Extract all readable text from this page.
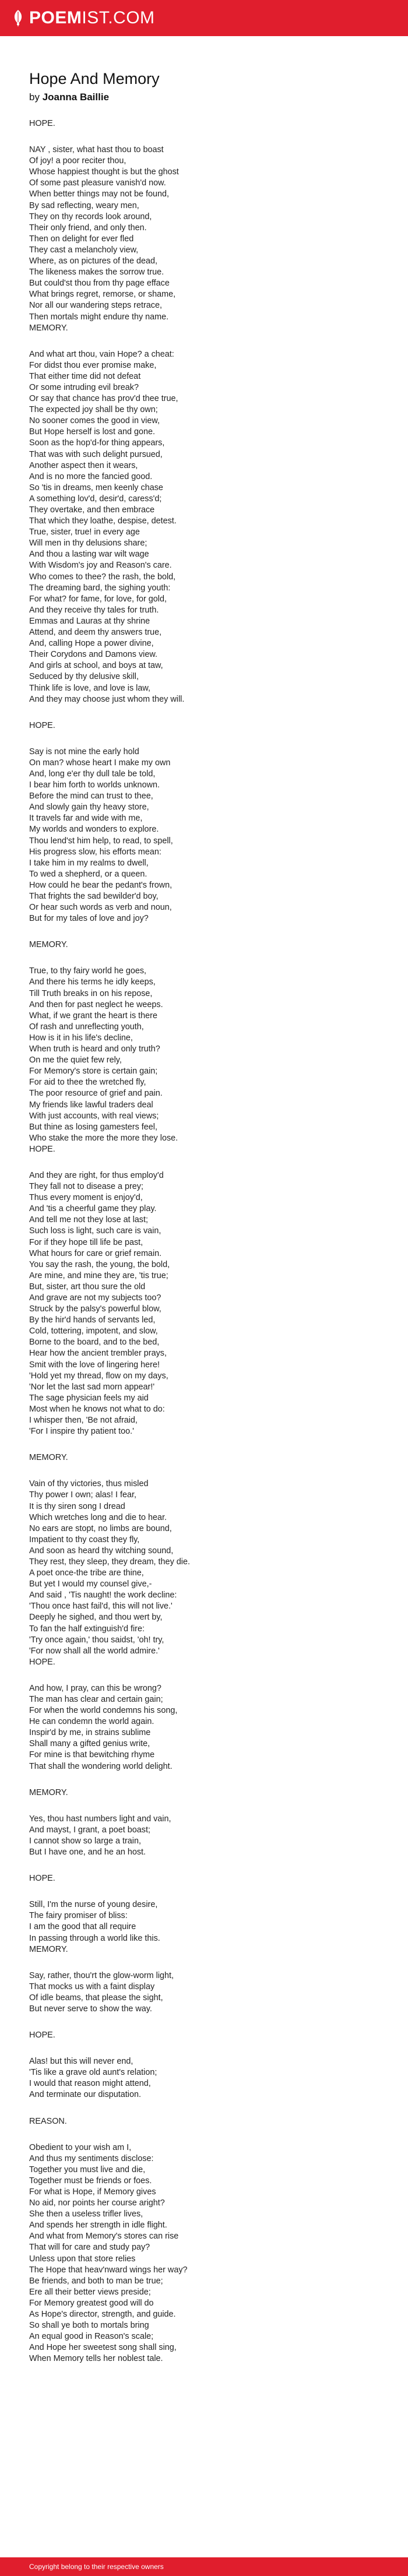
POEM IST.COM
Hope And Memory
by Joanna Baillie
HOPE.
NAY , sister, what hast thou to boast
Of joy! a poor reciter thou,
Whose happiest thought is but the ghost
Of some past pleasure vanish'd now.
When better things may not be found,
By sad reflecting, weary men,
They on thy records look around,
Their only friend, and only then.
Then on delight for ever fled
They cast a melancholy view,
Where, as on pictures of the dead,
The likeness makes the sorrow true.
But could'st thou from thy page efface
What brings regret, remorse, or shame,
Nor all our wandering steps retrace,
Then mortals might endure thy name.
MEMORY.
And what art thou, vain Hope? a cheat:
For didst thou ever promise make,
That either time did not defeat
Or some intruding evil break?
Or say that chance has prov'd thee true,
The expected joy shall be thy own;
No sooner comes the good in view,
But Hope herself is lost and gone.
Soon as the hop'd-for thing appears,
That was with such delight pursued,
Another aspect then it wears,
And is no more the fancied good.
So 'tis in dreams, men keenly chase
A something lov'd, desir'd, caress'd;
They overtake, and then embrace
That which they loathe, despise, detest.
True, sister, true! in every age
Will men in thy delusions share;
And thou a lasting war wilt wage
With Wisdom's joy and Reason's care.
Who comes to thee? the rash, the bold,
The dreaming bard, the sighing youth:
For what? for fame, for love, for gold,
And they receive thy tales for truth.
Emmas and Lauras at thy shrine
Attend, and deem thy answers true,
And, calling Hope a power divine,
Their Corydons and Damons view.
And girls at school, and boys at taw,
Seduced by thy delusive skill,
Think life is love, and love is law,
And they may choose just whom they will.
HOPE.
Say is not mine the early hold
On man? whose heart I make my own
And, long e'er thy dull tale be told,
I bear him forth to worlds unknown.
Before the mind can trust to thee,
And slowly gain thy heavy store,
It travels far and wide with me,
My worlds and wonders to explore.
Thou lend'st him help, to read, to spell,
His progress slow, his efforts mean:
I take him in my realms to dwell,
To wed a shepherd, or a queen.
How could he bear the pedant's frown,
That frights the sad bewilder'd boy,
Or hear such words as verb and noun,
But for my tales of love and joy?
MEMORY.
True, to thy fairy world he goes,
And there his terms he idly keeps,
Till Truth breaks in on his repose,
And then for past neglect he weeps.
What, if we grant the heart is there
Of rash and unreflecting youth,
How is it in his life's decline,
When truth is heard and only truth?
On me the quiet few rely,
For Memory's store is certain gain;
For aid to thee the wretched fly,
The poor resource of grief and pain.
My friends like lawful traders deal
With just accounts, with real views;
But thine as losing gamesters feel,
Who stake the more the more they lose.
HOPE.
And they are right, for thus employ'd
They fall not to disease a prey;
Thus every moment is enjoy'd,
And 'tis a cheerful game they play.
And tell me not they lose at last;
Such loss is light, such care is vain,
For if they hope till life be past,
What hours for care or grief remain.
You say the rash, the young, the bold,
Are mine, and mine they are, 'tis true;
But, sister, art thou sure the old
And grave are not my subjects too?
Struck by the palsy's powerful blow,
By the hir'd hands of servants led,
Cold, tottering, impotent, and slow,
Borne to the board, and to the bed,
Hear how the ancient trembler prays,
Smit with the love of lingering here!
'Hold yet my thread, flow on my days,
'Nor let the last sad morn appear!'
The sage physician feels my aid
Most when he knows not what to do:
I whisper then, 'Be not afraid,
'For I inspire thy patient too.'
MEMORY.
Vain of thy victories, thus misled
Thy power I own; alas! I fear,
It is thy siren song I dread
Which wretches long and die to hear.
No ears are stopt, no limbs are bound,
Impatient to thy coast they fly,
And soon as heard thy witching sound,
They rest, they sleep, they dream, they die.
A poet once-the tribe are thine,
But yet I would my counsel give,-
And said , 'Tis naught! the work decline:
'Thou once hast fail'd, this will not live.'
Deeply he sighed, and thou wert by,
To fan the half extinguish'd fire:
'Try once again,' thou saidst, 'oh! try,
'For now shall all the world admire.'
HOPE.
And how, I pray, can this be wrong?
The man has clear and certain gain;
For when the world condemns his song,
He can condemn the world again.
Inspir'd by me, in strains sublime
Shall many a gifted genius write,
For mine is that bewitching rhyme
That shall the wondering world delight.
MEMORY.
Yes, thou hast numbers light and vain,
And mayst, I grant, a poet boast;
I cannot show so large a train,
But I have one, and he an host.
HOPE.
Still, I'm the nurse of young desire,
The fairy promiser of bliss:
I am the good that all require
In passing through a world like this.
MEMORY.
Say, rather, thou'rt the glow-worm light,
That mocks us with a faint display
Of idle beams, that please the sight,
But never serve to show the way.
HOPE.
Alas! but this will never end,
'Tis like a grave old aunt's relation;
I would that reason might attend,
And terminate our disputation.
REASON.
Obedient to your wish am I,
And thus my sentiments disclose:
Together you must live and die,
Together must be friends or foes.
For what is Hope, if Memory gives
No aid, nor points her course aright?
She then a useless trifler lives,
And spends her strength in idle flight.
And what from Memory's stores can rise
That will for care and study pay?
Unless upon that store relies
The Hope that heav'nward wings her way?
Be friends, and both to man be true;
Ere all their better views preside;
For Memory greatest good will do
As Hope's director, strength, and guide.
So shall ye both to mortals bring
An equal good in Reason's scale;
And Hope her sweetest song shall sing,
When Memory tells her noblest tale.
Copyright belong to their respective owners
